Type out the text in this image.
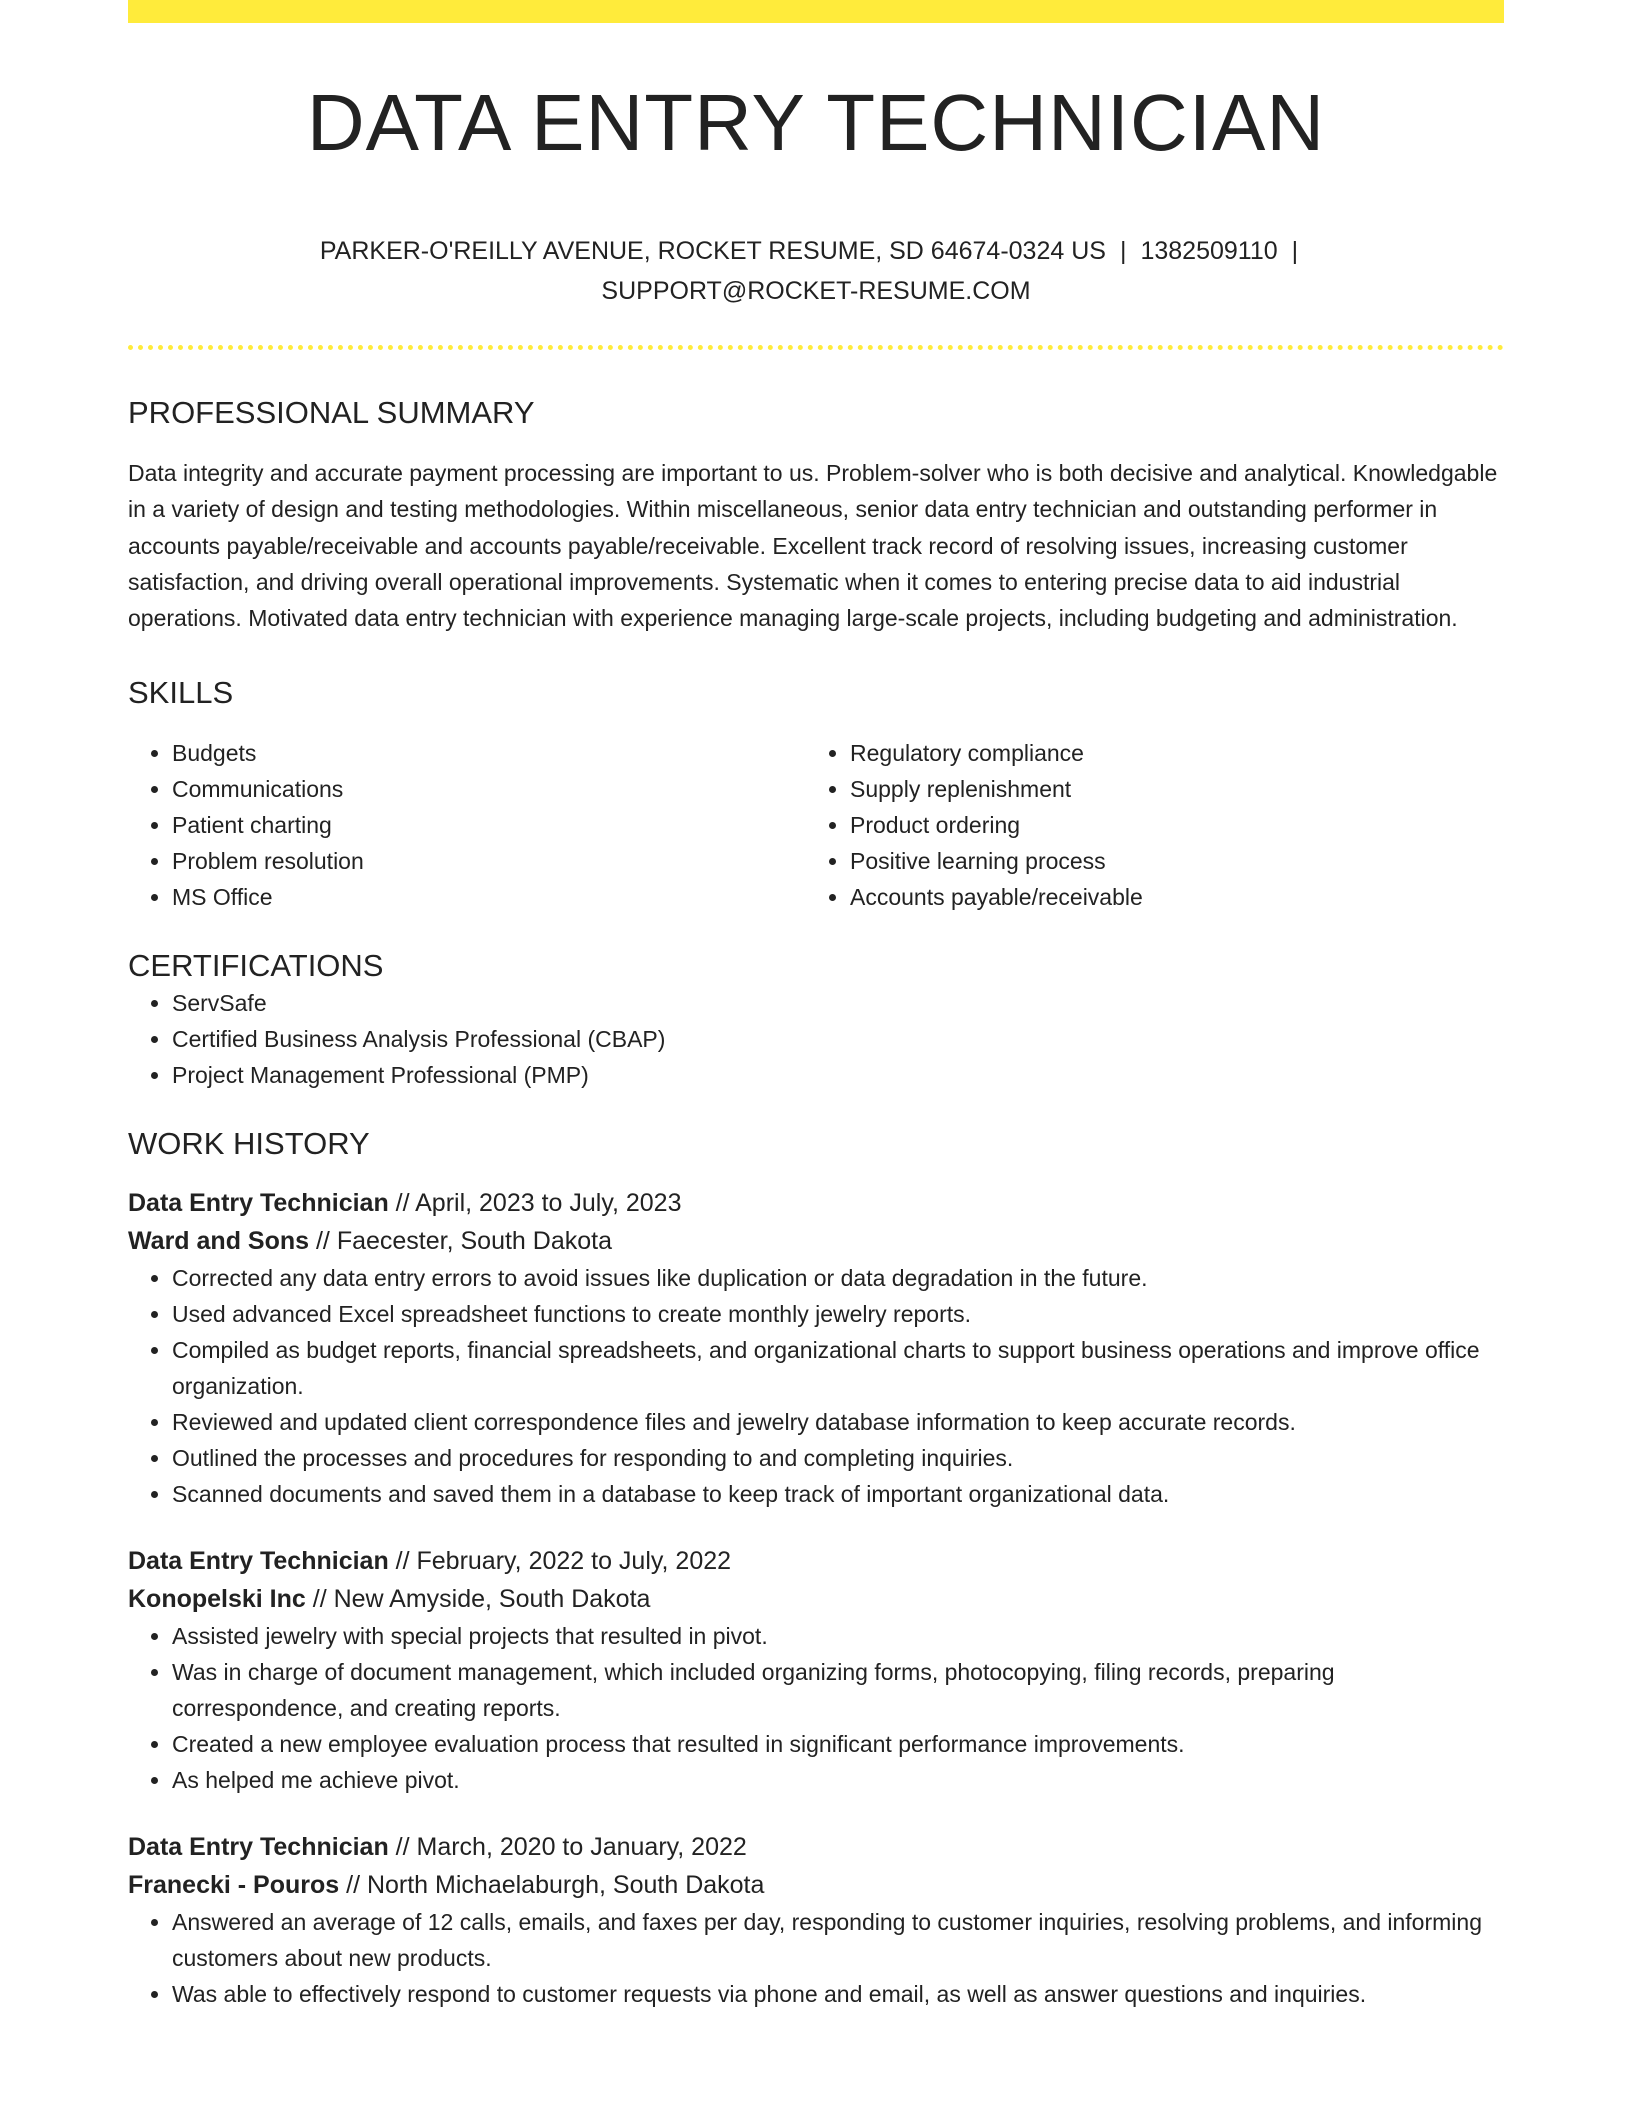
DATA ENTRY TECHNICIAN
PARKER-O'REILLY AVENUE, ROCKET RESUME, SD 64674-0324 US | 1382509110 |
SUPPORT@ROCKET-RESUME.COM
PROFESSIONAL SUMMARY

Data integrity and accurate payment processing are important to us. Problem-solver who is both decisive and analytical. Knowledgable in a variety of design and testing methodologies. Within miscellaneous, senior data entry technician and outstanding performer in accounts payable/receivable and accounts payable/receivable. Excellent track record of resolving issues, increasing customer satisfaction, and driving overall operational improvements. Systematic when it comes to entering precise data to aid industrial operations. Motivated data entry technician with experience managing large-scale projects, including budgeting and administration.

SKILLS
• Budgets
• Communications
• Patient charting
• Problem resolution
• MS Office
• Regulatory compliance
• Supply replenishment
• Product ordering
• Positive learning process
• Accounts payable/receivable
CERTIFICATIONS
• ServSafe
• Certified Business Analysis Professional (CBAP)
• Project Management Professional (PMP)
WORK HISTORY
Data Entry Technician // April, 2023 to July, 2023
Ward and Sons // Faecester, South Dakota
• Corrected any data entry errors to avoid issues like duplication or data degradation in the future.
• Used advanced Excel spreadsheet functions to create monthly jewelry reports.
• Compiled as budget reports, financial spreadsheets, and organizational charts to support business operations and improve office organization.
• Reviewed and updated client correspondence files and jewelry database information to keep accurate records.
• Outlined the processes and procedures for responding to and completing inquiries.
• Scanned documents and saved them in a database to keep track of important organizational data.
Data Entry Technician // February, 2022 to July, 2022
Konopelski Inc // New Amyside, South Dakota
• Assisted jewelry with special projects that resulted in pivot.
• Was in charge of document management, which included organizing forms, photocopying, filing records, preparing correspondence, and creating reports.
• Created a new employee evaluation process that resulted in significant performance improvements.
• As helped me achieve pivot.
Data Entry Technician // March, 2020 to January, 2022
Franecki - Pouros // North Michaelaburgh, South Dakota
• Answered an average of 12 calls, emails, and faxes per day, responding to customer inquiries, resolving problems, and informing customers about new products.
• Was able to effectively respond to customer requests via phone and email, as well as answer questions and inquiries.
